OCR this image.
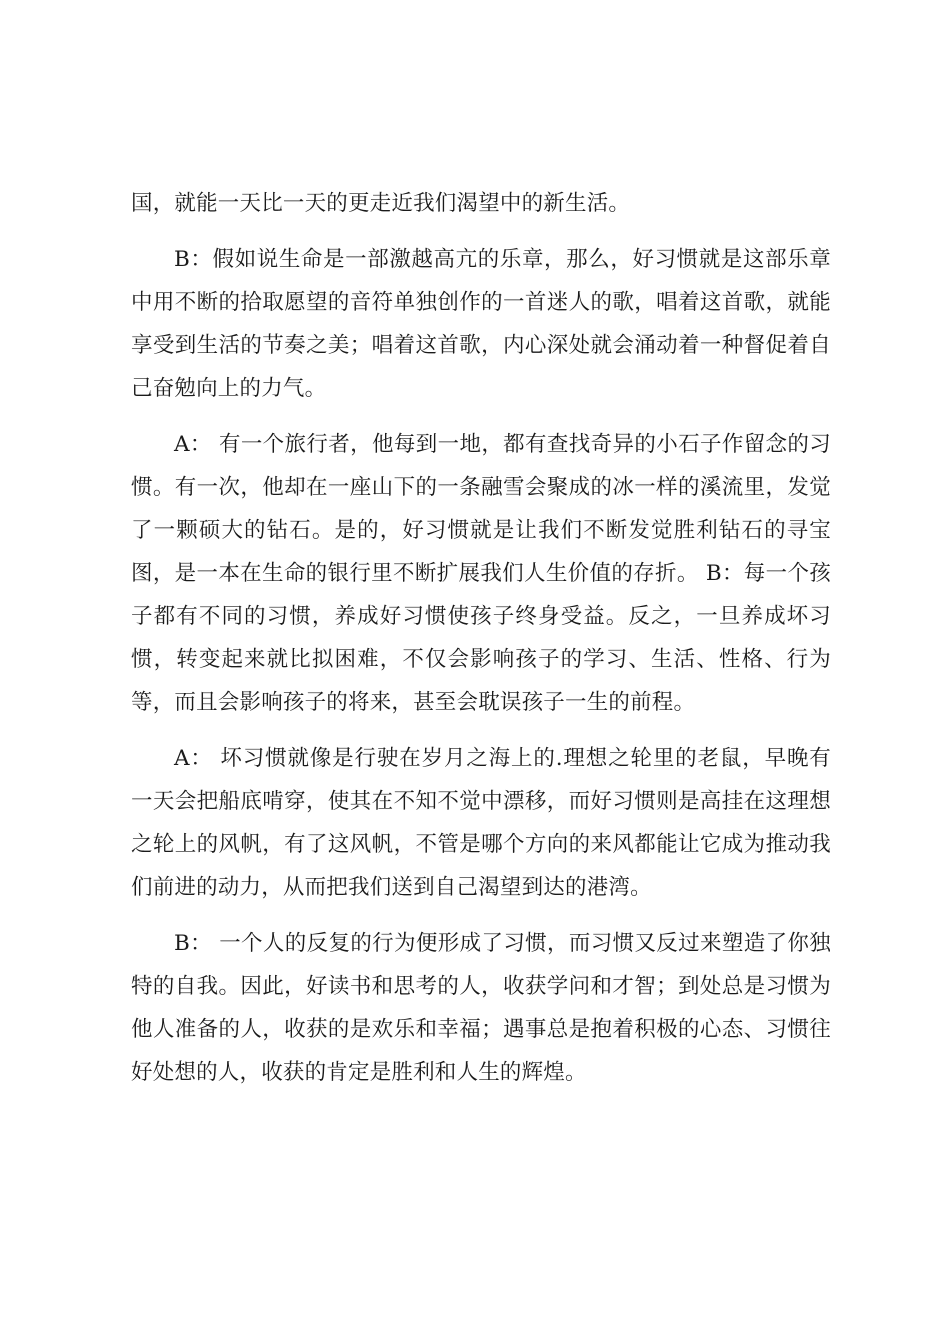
国，就能一天比一天的更走近我们渴望中的新生活。

B：假如说生命是一部激越高亢的乐章，那么，好习惯就是这部乐章中用不断的拾取愿望的音符单独创作的一首迷人的歌，唱着这首歌，就能享受到生活的节奏之美；唱着这首歌，内心深处就会涌动着一种督促着自己奋勉向上的力气。

A： 有一个旅行者，他每到一地，都有查找奇异的小石子作留念的习惯。有一次，他却在一座山下的一条融雪会聚成的冰一样的溪流里，发觉了一颗硕大的钻石。是的，好习惯就是让我们不断发觉胜利钻石的寻宝图，是一本在生命的银行里不断扩展我们人生价值的存折。 B：每一个孩子都有不同的习惯，养成好习惯使孩子终身受益。反之，一旦养成坏习惯，转变起来就比拟困难，不仅会影响孩子的学习、生活、性格、行为等，而且会影响孩子的将来，甚至会耽误孩子一生的前程。

A： 坏习惯就像是行驶在岁月之海上的.理想之轮里的老鼠，早晚有一天会把船底啃穿，使其在不知不觉中漂移，而好习惯则是高挂在这理想之轮上的风帆，有了这风帆，不管是哪个方向的来风都能让它成为推动我们前进的动力，从而把我们送到自己渴望到达的港湾。

B： 一个人的反复的行为便形成了习惯，而习惯又反过来塑造了你独特的自我。因此，好读书和思考的人，收获学问和才智；到处总是习惯为他人准备的人，收获的是欢乐和幸福；遇事总是抱着积极的心态、习惯往好处想的人，收获的肯定是胜利和人生的辉煌。
